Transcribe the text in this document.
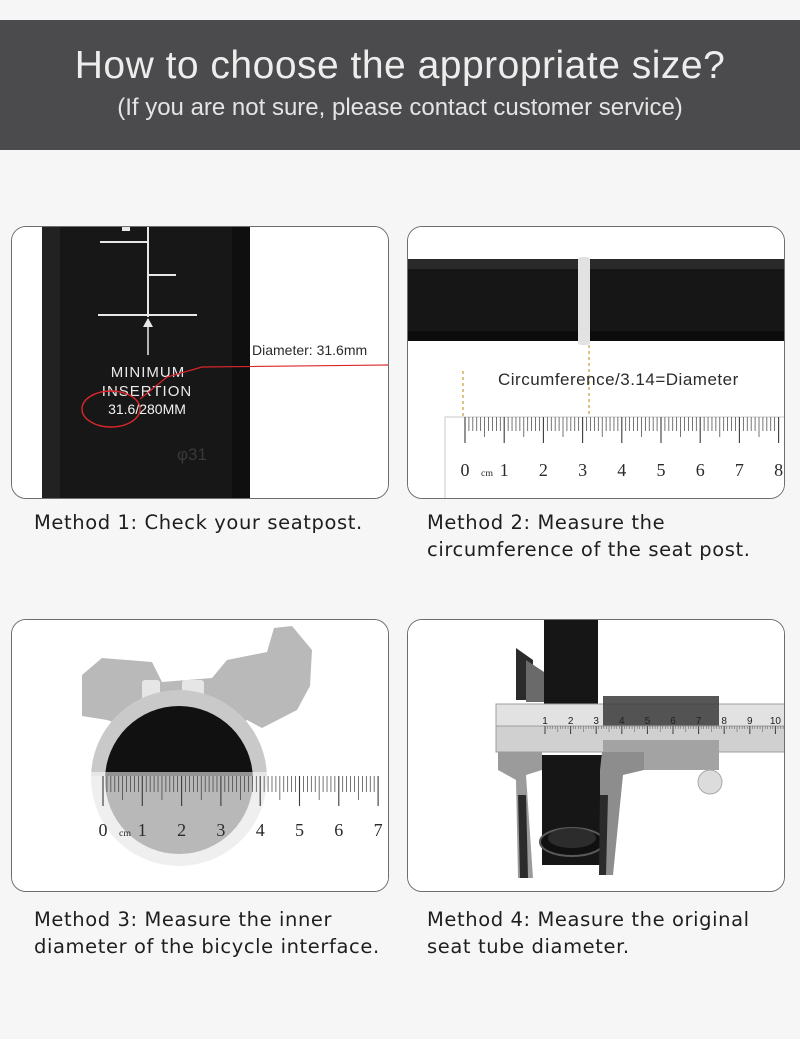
How to choose the appropriate size?
(If you are not sure, please contact customer service)
MINIMUM
INSERTION
31.6/280MM
φ31
Diameter: 31.6mm
Method 1: Check your seatpost.
Circumference/3.14=Diameter
0 1 2 3 4 5 6 7 8
cm
Method 2: Measure the
circumference of the seat post.
0 1 2 3 4 5 6 7
cm
Method 3: Measure the inner
diameter of the bicycle interface.
1 2 3 4 5 6 7 8 9 10
Method 4: Measure the original
seat tube diameter.
